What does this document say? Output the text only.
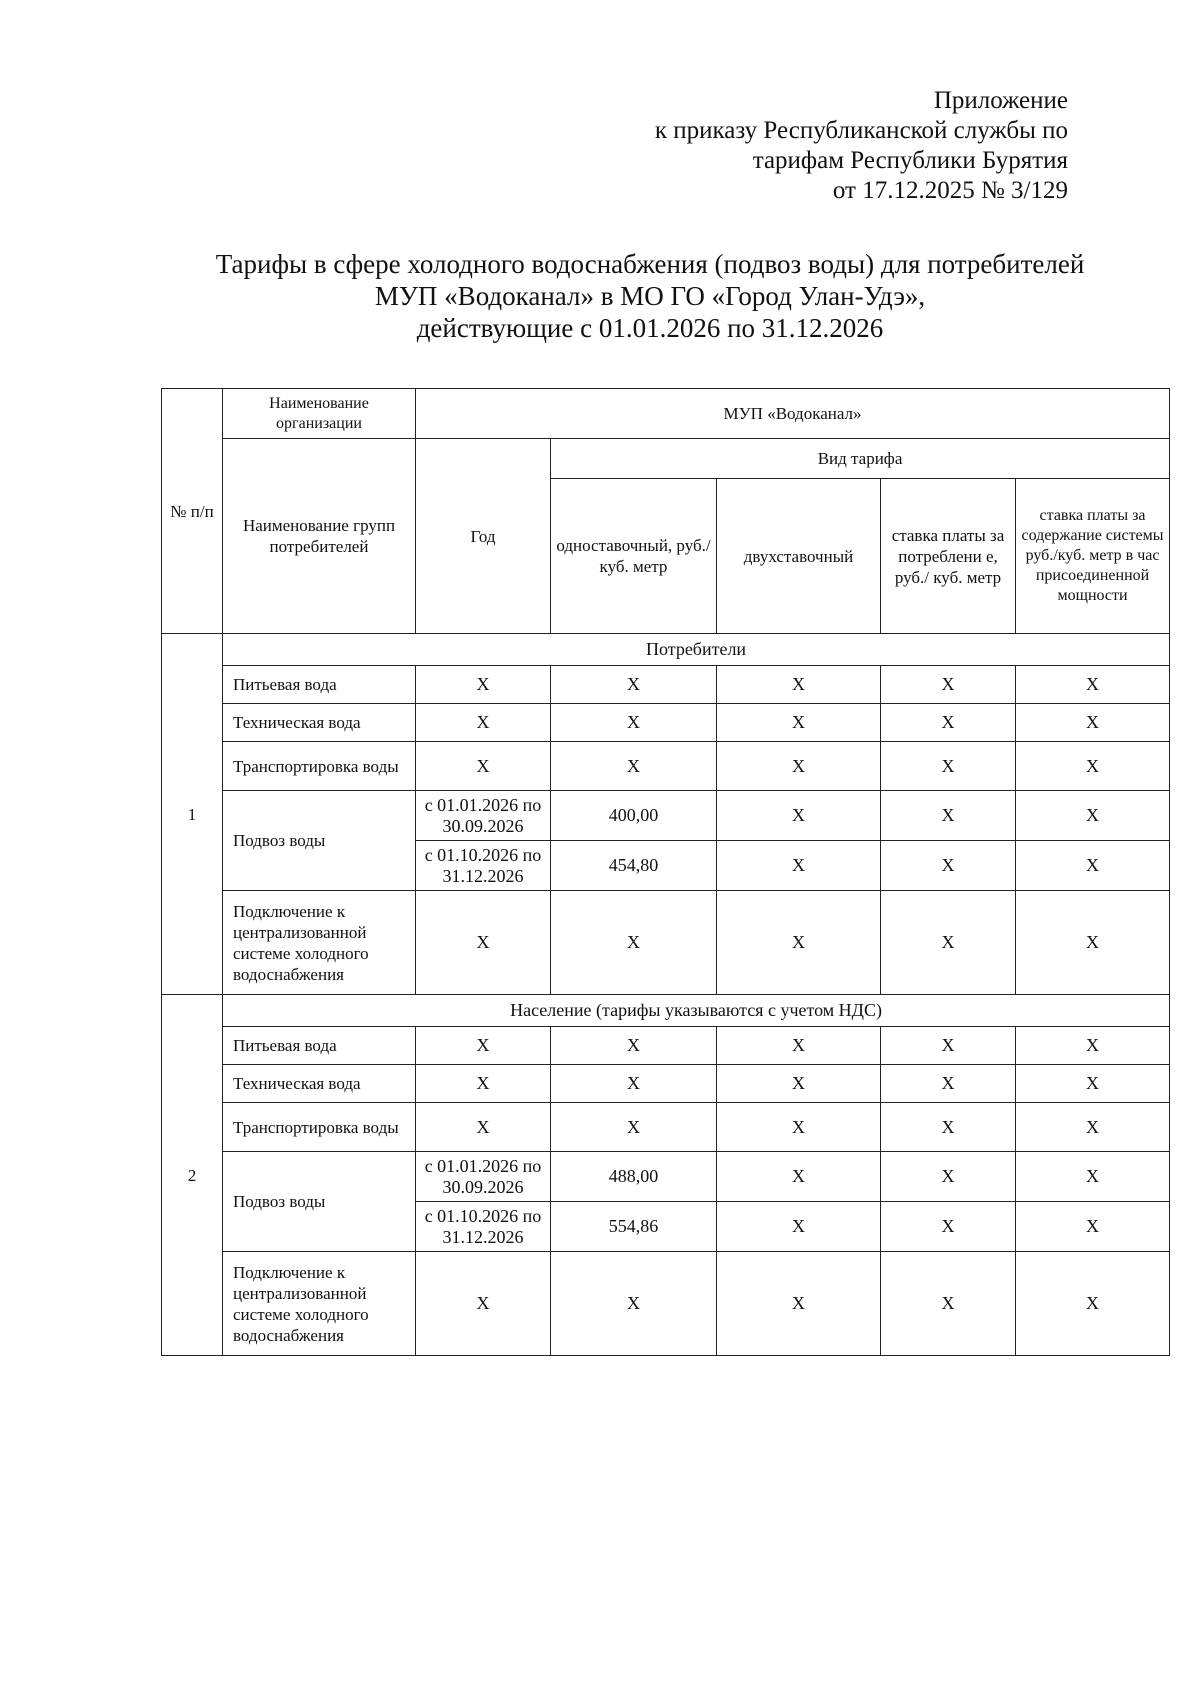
Приложение
к приказу Республиканской службы по
тарифам Республики Бурятия
от 17.12.2025 № 3/129
Тарифы в сфере холодного водоснабжения (подвоз воды) для потребителей
МУП «Водоканал» в МО ГО «Город Улан-Удэ»,
действующие с 01.01.2026 по 31.12.2026
№ п/п	Наименование организации	МУП «Водоканал»				
	Наименование групп потребителей	Год	Вид тарифа			
			одноставочный, руб./ куб. метр	двухставочный	ставка платы за потреблени е, руб./ куб. метр	ставка платы за содержание системы руб./куб. метр в час присоединенной мощности
1	Потребители					
	Питьевая вода	X	X	X	X	X
	Техническая вода	X	X	X	X	X
	Транспортировка воды	X	X	X	X	X
	Подвоз воды	с 01.01.2026 по 30.09.2026	400,00	X	X	X
		с 01.10.2026 по 31.12.2026	454,80	X	X	X
	Подключение к централизованной системе холодного водоснабжения	X	X	X	X	X
2	Население (тарифы указываются с учетом НДС)					
	Питьевая вода	X	X	X	X	X
	Техническая вода	X	X	X	X	X
	Транспортировка воды	X	X	X	X	X
	Подвоз воды	с 01.01.2026 по 30.09.2026	488,00	X	X	X
		с 01.10.2026 по 31.12.2026	554,86	X	X	X
	Подключение к централизованной системе холодного водоснабжения	X	X	X	X	X
